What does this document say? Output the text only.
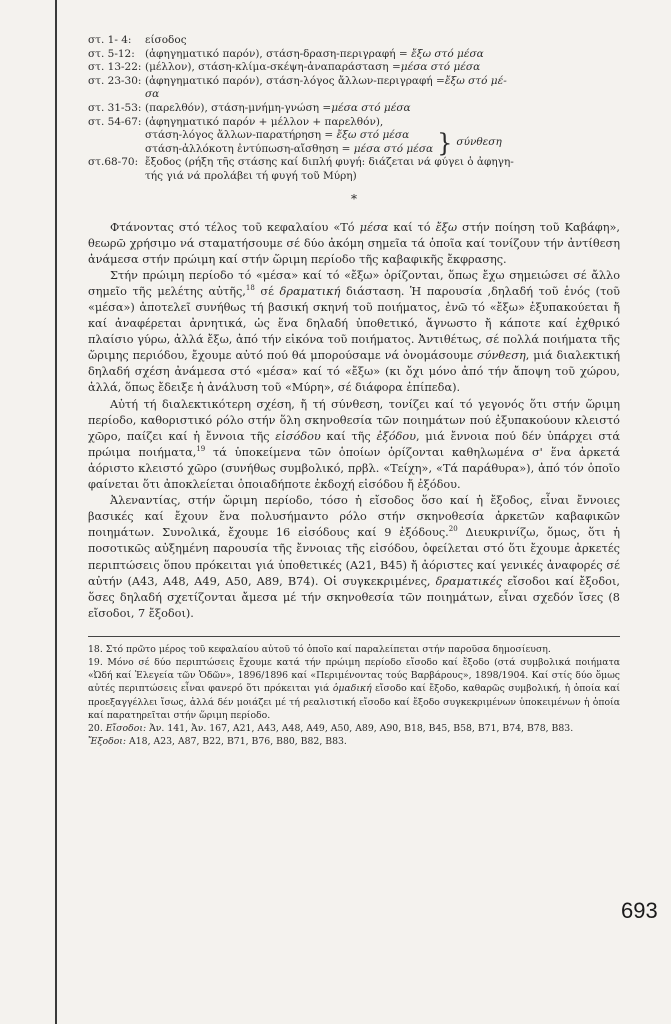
στ. 1- 4:	είσοδος
στ. 5-12: (ἀφηγηματικό παρόν), στάση-δραση-περιγραφή = ἔξω στό μέσα
στ. 13-22: (μέλλον), στάση-κλίμα-σκέψη-ἀναπαράσταση =μέσα στό μέσα
στ. 23-30: (ἀφηγηματικό παρόν), στάση-λόγος ἄλλων-περιγραφή =ἔξω στό μέ-
σα
στ. 31-53: (παρελθόν), στάση-μνήμη-γνώση =μέσα στό μέσα
στ. 54-67: (ἀφηγηματικό παρόν + μέλλον + παρελθόν),
στάση-λόγος ἄλλων-παρατήρηση = ἔξω στό μέσα
στάση-ἀλλόκοτη ἐντύπωση-αἴσθηση = μέσα στό μέσα } σύνθεση
στ.68-70: ἔξοδος (ρήξη τῆς στάσης καί διπλή φυγή: διάζεται νά φύγει ὁ ἀφηγη-
τής γιά νά προλάβει τή φυγή τοῦ Μύρη)
*

Φτάνοντας στό τέλος τοῦ κεφαλαίου «Τό μέσα καί τό ἔξω στήν ποίηση τοῦ Καβάφη», θεωρῶ χρήσιμο νά σταματήσουμε σέ δύο ἀκόμη σημεῖα τά ὁποῖα καί τονίζουν τήν ἀντίθεση ἀνάμεσα στήν πρώιμη καί στήν ὥριμη περίοδο τῆς καβαφικῆς ἔκφρασης.

Στήν πρώιμη περίοδο τό «μέσα» καί τό «ἔξω» ὁρίζονται, ὅπως ἔχω σημειώσει σέ ἄλλο σημεῖο τῆς μελέτης αὐτῆς,$^{18}$ σέ δραματική διάσταση. Ἡ παρουσία ,δηλαδή τοῦ ἑνός (τοῦ «μέσα») ἀποτελεῖ συνήθως τή βασική σκηνή τοῦ ποιήματος, ἐνῶ τό «ἔξω» ἐξυπακούεται ἤ καί ἀναφέρεται ἀρνητικά, ὡς ἕνα δηλαδή ὑποθετικό, ἄγνωστο ἤ κάποτε καί ἐχθρικό πλαίσιο γύρω, ἀλλά ἔξω, ἀπό τήν εἰκόνα τοῦ ποιήματος. Ἀντιθέτως, σέ πολλά ποιήματα τῆς ὥριμης περιόδου, ἔχουμε αὐτό πού θά μπορούσαμε νά ὀνομάσουμε σύνθεση, μιά διαλεκτική δηλαδή σχέση ἀνάμεσα στό «μέσα» καί τό «ἔξω» (κι ὄχι μόνο ἀπό τήν ἄποψη τοῦ χώρου, ἀλλά, ὅπως ἔδειξε ἡ ἀνάλυση τοῦ «Μύρη», σέ διάφορα ἐπίπεδα).

Αὐτή τή διαλεκτικότερη σχέση, ἤ τή σύνθεση, τονίζει καί τό γεγονός ὅτι στήν ὥριμη περίοδο, καθοριστικό ρόλο στήν ὅλη σκηνοθεσία τῶν ποιημάτων πού ἐξυπακούουν κλειστό χῶρο, παίζει καί ἡ ἔννοια τῆς εἰσόδου καί τῆς ἐξόδου, μιά ἔννοια πού δέν ὑπάρχει στά πρώιμα ποιήματα,$^{19}$ τά ὑποκείμενα τῶν ὁποίων ὁρίζονται καθηλωμένα σ' ἕνα ἀρκετά ἀόριστο κλειστό χῶρο (συνήθως συμβολικό, πρβλ. «Τείχη», «Τά παράθυρα»), ἀπό τόν ὁποῖο φαίνεται ὅτι ἀποκλείεται ὁποιαδήποτε ἐκδοχή εἰσόδου ἤ ἐξόδου.

Ἀλεναντίας, στήν ὥριμη περίοδο, τόσο ἡ εἴσοδος ὅσο καί ἡ ἔξοδος, εἶναι ἔννοιες βασικές καί ἔχουν ἕνα πολυσήμαντο ρόλο στήν σκηνοθεσία ἀρκετῶν καβαφικῶν ποιημάτων. Συνολικά, ἔχουμε 16 εἰσόδους καί 9 ἐξόδους.$^{20}$ Διευκρινίζω, ὅμως, ὅτι ἡ ποσοτικῶς αὐξημένη παρουσία τῆς ἔννοιας τῆς εἰσόδου, ὀφείλεται στό ὅτι ἔχουμε ἀρκετές περιπτώσεις ὅπου πρόκειται γιά ὑποθετικές (A21, B45) ἤ ἀόριστες καί γενικές ἀναφορές σέ αὐτήν (A43, A48, A49, A50, A89, B74). Οἱ συγκεκριμένες, δραματικές εἴσοδοι καί ἔξοδοι, ὅσες δηλαδή σχετίζονται ἄμεσα μέ τήν σκηνοθεσία τῶν ποιημάτων, εἶναι σχεδόν ἴσες (8 εἴσοδοι, 7 ἔξοδοι).

18. Στό πρῶτο μέρος τοῦ κεφαλαίου αὐτοῦ τό ὁποῖο καί παραλείπεται στήν παροῦσα δημοσίευση.

19. Μόνο σέ δύο περιπτώσεις ἔχουμε κατά τήν πρώιμη περίοδο εἴσοδο καί ἔξοδο (στά συμβολικά ποιήματα «Ὠδή καί Ἐλεγεία τῶν Ὁδῶν», 1896/1896 καί «Περιμένοντας τούς Βαρβάρους», 1898/1904. Καί στίς δύο ὅμως αὐτές περιπτώσεις εἶναι φανερό ὅτι πρόκειται γιά ὁμαδική εἴσοδο καί ἔξοδο, καθαρῶς συμβολική, ἡ ὁποία καί προεξαγγέλλει ἴσως, ἀλλά δέν μοιάζει μέ τή ρεαλιστική εἴσοδο καί ἔξοδο συγκεκριμένων ὑποκειμένων ἡ ὁποία καί παρατηρεῖται στήν ὥριμη περίοδο.

20. Εἴσοδοι: Ἀν. 141, Ἀν. 167, A21, A43, A48, A49, A50, A89, A90, B18, B45, B58, B71, B74, B78, B83.

Ἔξοδοι: A18, A23, A87, B22, B71, B76, B80, B82, B83.

693
